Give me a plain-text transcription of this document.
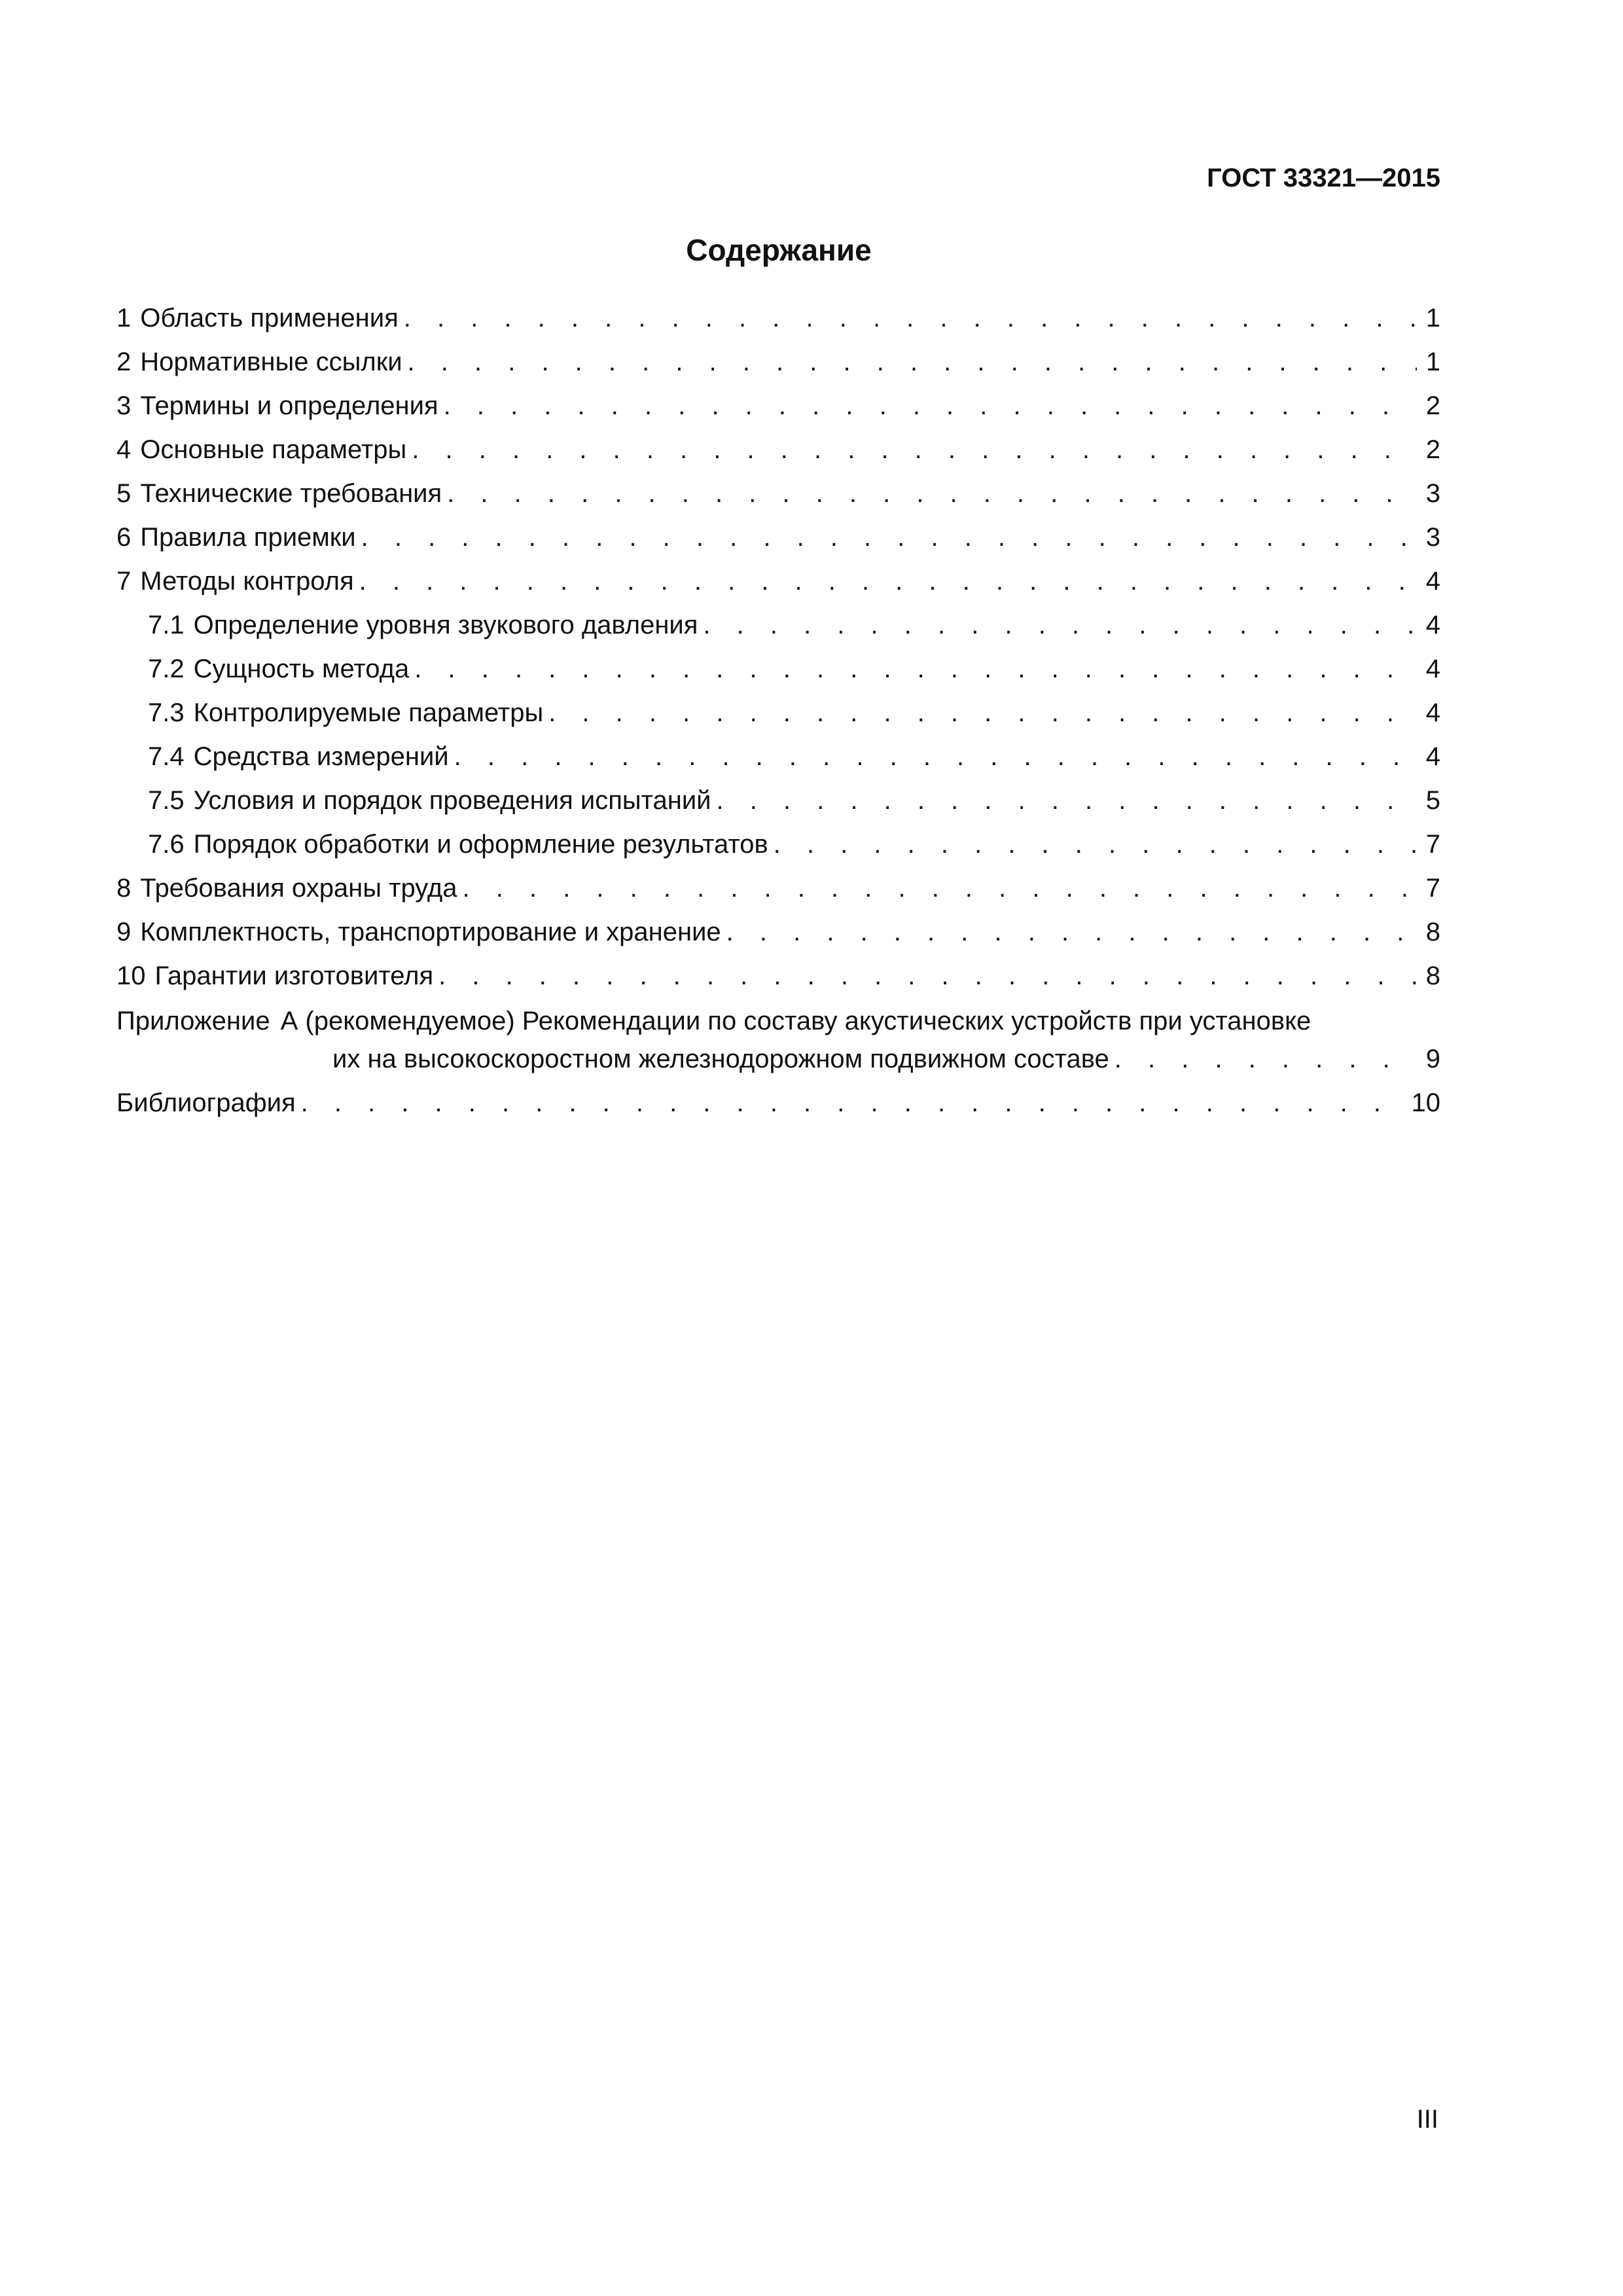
ГОСТ 33321—2015
Содержание
1 Область применения . . .	1
2 Нормативные ссылки . . .	1
3 Термины и определения . . .	2
4 Основные параметры . . .	2
5 Технические требования . . .	3
6 Правила приемки . . .	3
7 Методы контроля . . .	4
7.1 Определение уровня звукового давления . . .	4
7.2 Сущность метода . . .	4
7.3 Контролируемые параметры . . .	4
7.4 Средства измерений . . .	4
7.5 Условия и порядок проведения испытаний . . .	5
7.6 Порядок обработки и оформление результатов . . .	7
8 Требования охраны труда . . .	7
9 Комплектность, транспортирование и хранение . . .	8
10 Гарантии изготовителя . . .	8
Приложение А (рекомендуемое) Рекомендации по составу акустических устройств при установке
их на высокоскоростном железнодорожном подвижном составе . . .	9
Библиография . . .	10
III
